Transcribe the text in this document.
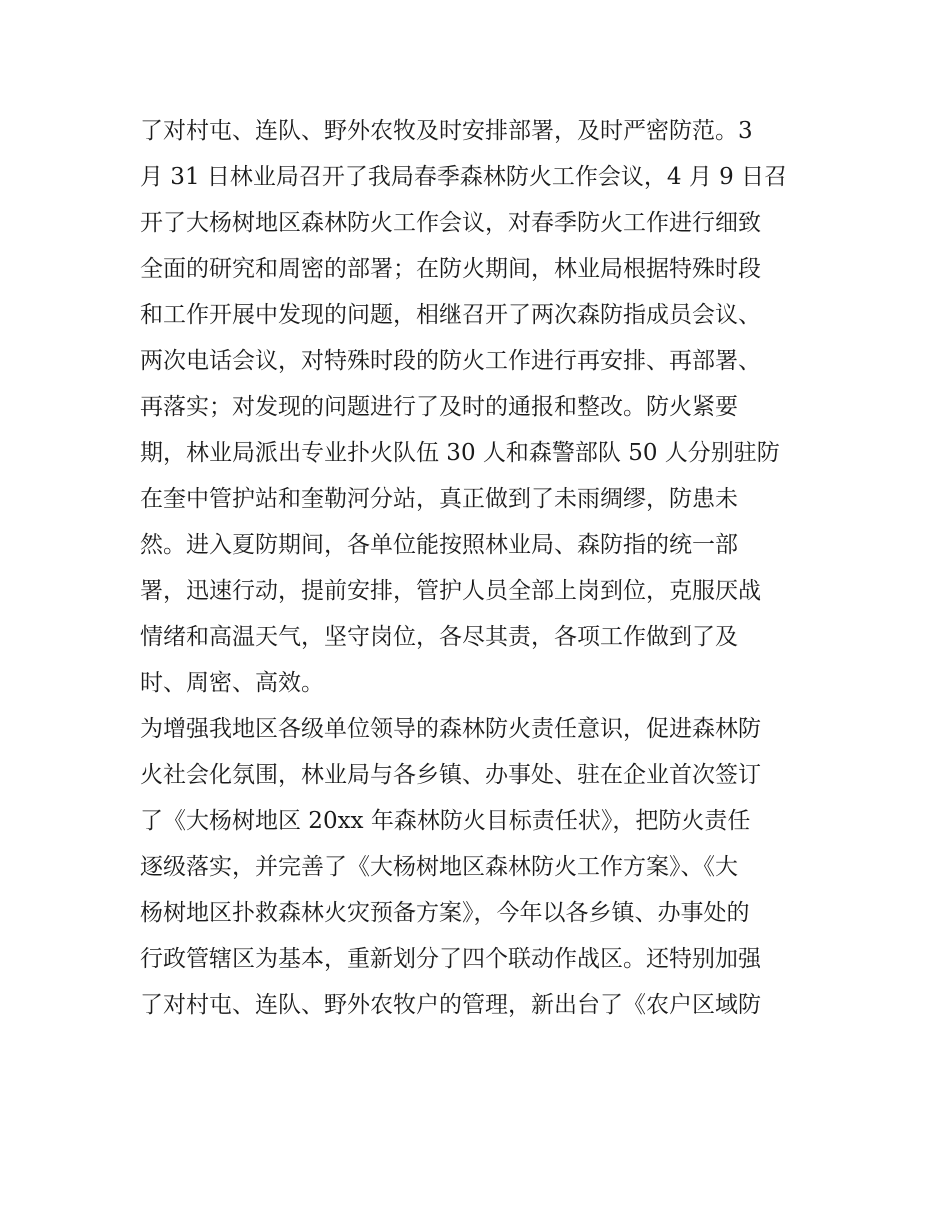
了对村屯、连队、野外农牧及时安排部署，及时严密防范。3
月 31 日林业局召开了我局春季森林防火工作会议，4 月 9 日召
开了大杨树地区森林防火工作会议，对春季防火工作进行细致
全面的研究和周密的部署；在防火期间，林业局根据特殊时段
和工作开展中发现的问题，相继召开了两次森防指成员会议、
两次电话会议，对特殊时段的防火工作进行再安排、再部署、
再落实；对发现的问题进行了及时的通报和整改。防火紧要
期，林业局派出专业扑火队伍 30 人和森警部队 50 人分别驻防
在奎中管护站和奎勒河分站，真正做到了未雨绸缪，防患未
然。进入夏防期间，各单位能按照林业局、森防指的统一部
署，迅速行动，提前安排，管护人员全部上岗到位，克服厌战
情绪和高温天气，坚守岗位，各尽其责，各项工作做到了及
时、周密、高效。
为增强我地区各级单位领导的森林防火责任意识，促进森林防
火社会化氛围，林业局与各乡镇、办事处、驻在企业首次签订
了《大杨树地区 20xx 年森林防火目标责任状》，把防火责任
逐级落实，并完善了《大杨树地区森林防火工作方案》、《大
杨树地区扑救森林火灾预备方案》，今年以各乡镇、办事处的
行政管辖区为基本，重新划分了四个联动作战区。还特别加强
了对村屯、连队、野外农牧户的管理，新出台了《农户区域防
